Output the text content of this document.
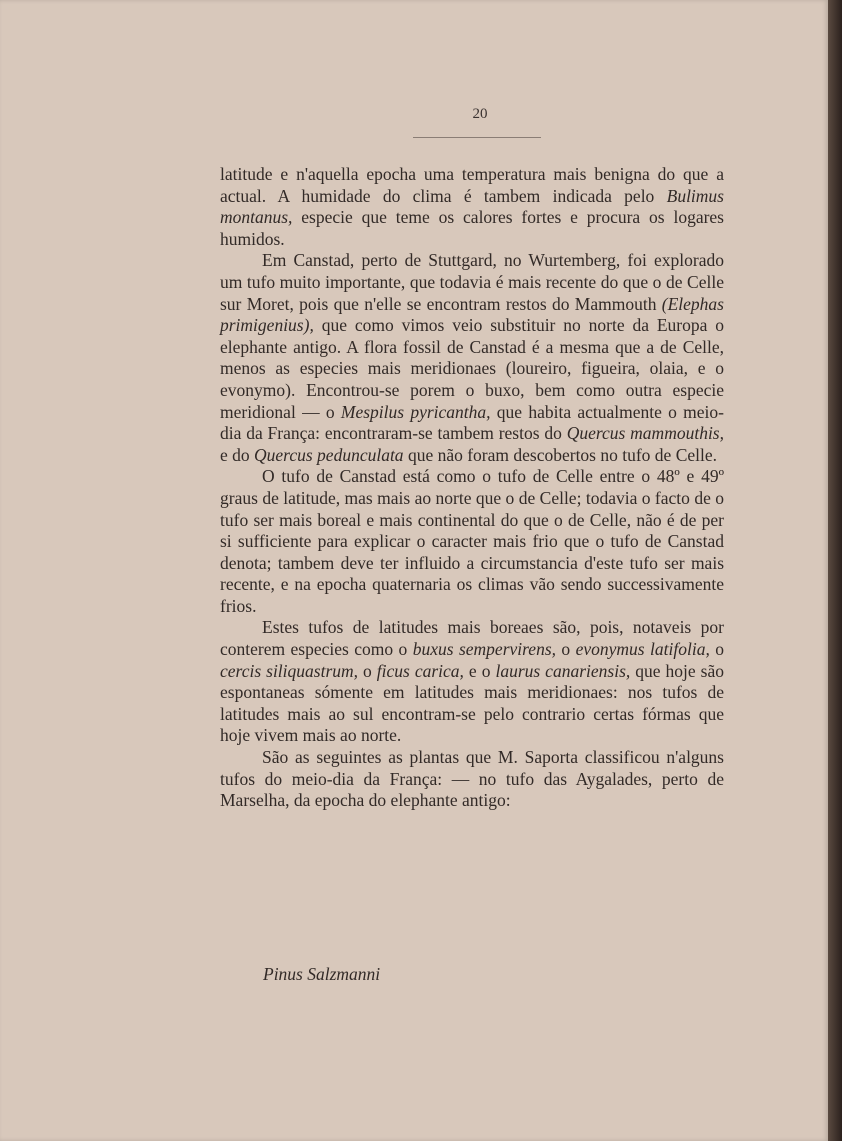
20

latitude e n'aquella epocha uma temperatura mais benigna do que a actual. A humidade do clima é tambem indicada pelo Bulimus montanus, especie que teme os calores fortes e procura os logares humidos.

Em Canstad, perto de Stuttgard, no Wurtemberg, foi explorado um tufo muito importante, que todavia é mais recente do que o de Celle sur Moret, pois que n'elle se encontram restos do Mammouth (Elephas primigenius), que como vimos veio substituir no norte da Europa o elephante antigo. A flora fossil de Canstad é a mesma que a de Celle, menos as especies mais meridionaes (loureiro, figueira, olaia, e o evonymo). Encontrou-se porem o buxo, bem como outra especie meridional — o Mespilus pyricantha, que habita actualmente o meio-dia da França: encontraram-se tambem restos do Quercus mammouthis, e do Quercus pedunculata que não foram descobertos no tufo de Celle.

O tufo de Canstad está como o tufo de Celle entre o 48º e 49º graus de latitude, mas mais ao norte que o de Celle; todavia o facto de o tufo ser mais boreal e mais continental do que o de Celle, não é de per si sufficiente para explicar o caracter mais frio que o tufo de Canstad denota; tambem deve ter influido a circumstancia d'este tufo ser mais recente, e na epocha quaternaria os climas vão sendo successivamente frios.

Estes tufos de latitudes mais boreaes são, pois, notaveis por conterem especies como o buxus sempervirens, o evonymus latifolia, o cercis siliquastrum, o ficus carica, e o laurus canariensis, que hoje são espontaneas sómente em latitudes mais meridionaes: nos tufos de latitudes mais ao sul encontram-se pelo contrario certas fórmas que hoje vivem mais ao norte.

São as seguintes as plantas que M. Saporta classificou n'alguns tufos do meio-dia da França: — no tufo das Aygalades, perto de Marselha, da epocha do elephante antigo:

Pinus Salzmanni
